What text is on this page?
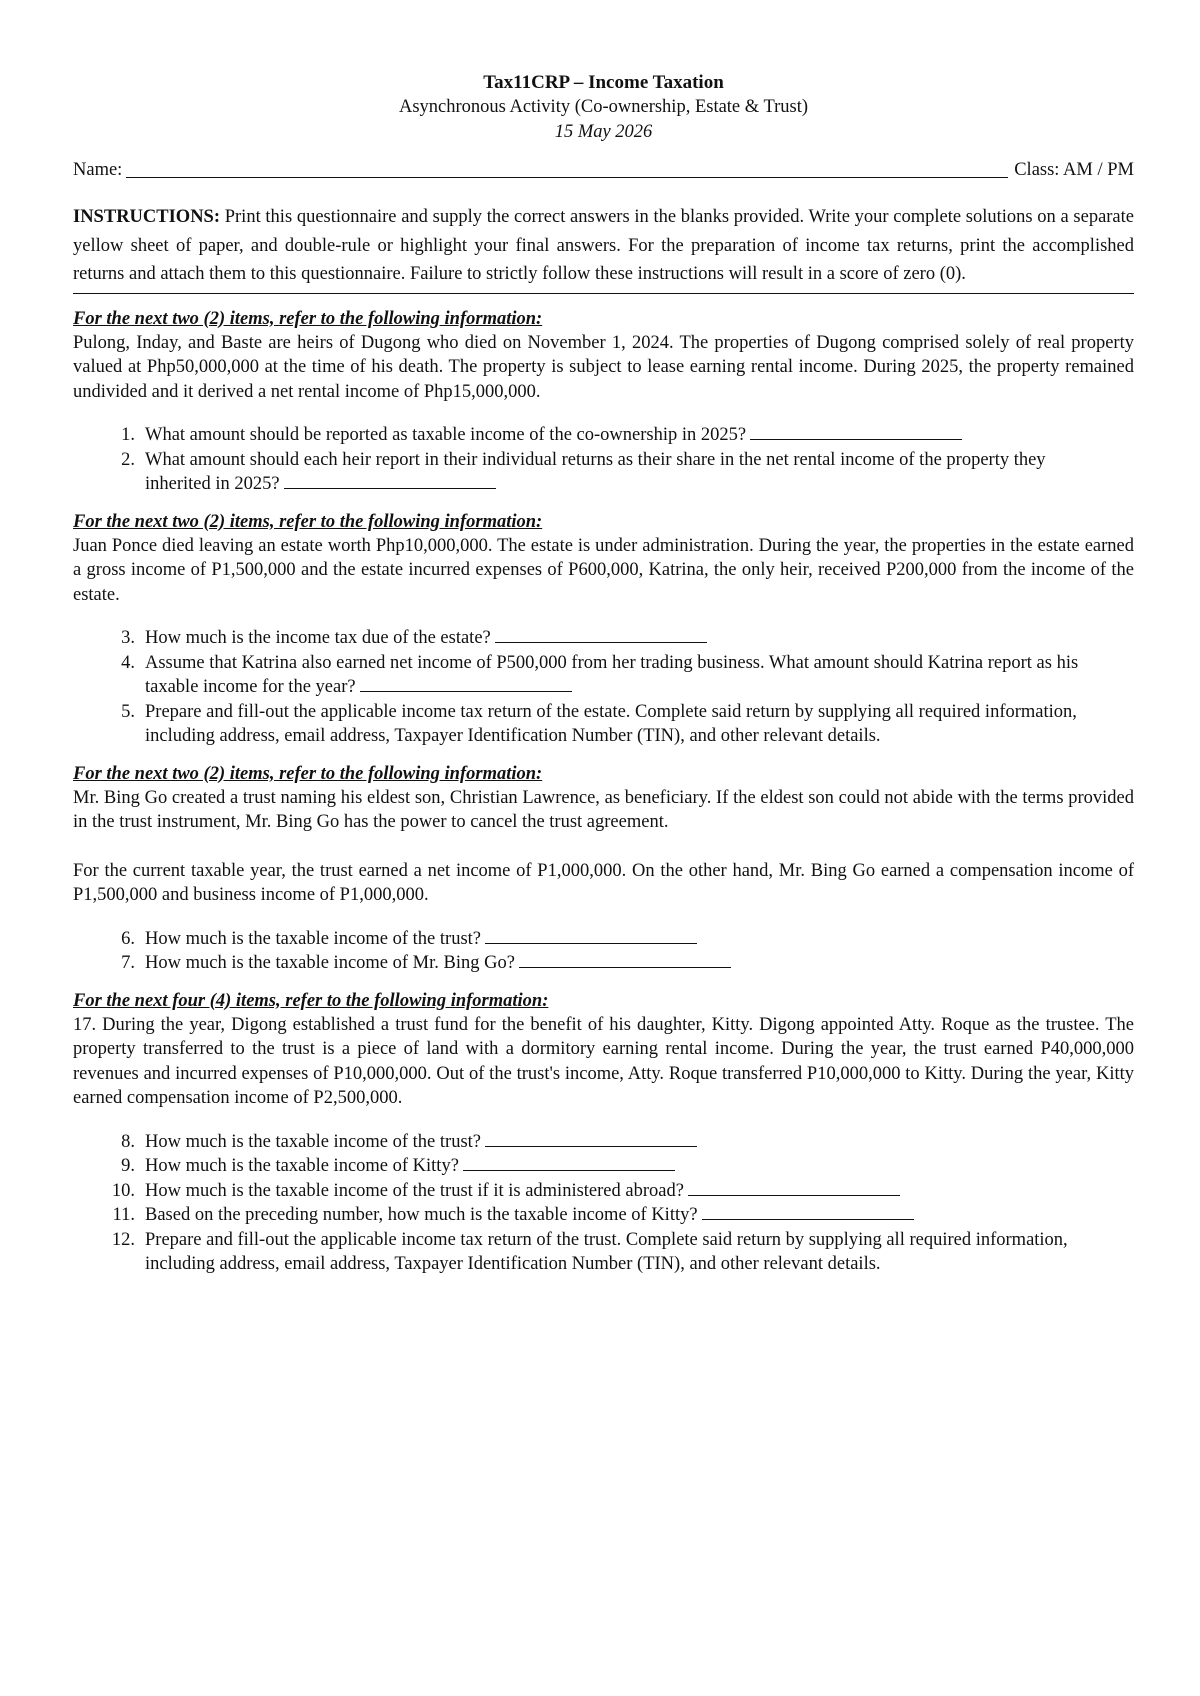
Tax11CRP – Income Taxation
Asynchronous Activity (Co-ownership, Estate & Trust)
15 May 2026
Name:	Class: AM / PM
INSTRUCTIONS: Print this questionnaire and supply the correct answers in the blanks provided. Write your complete solutions on a separate yellow sheet of paper, and double-rule or highlight your final answers. For the preparation of income tax returns, print the accomplished returns and attach them to this questionnaire. Failure to strictly follow these instructions will result in a score of zero (0).
For the next two (2) items, refer to the following information:
Pulong, Inday, and Baste are heirs of Dugong who died on November 1, 2024. The properties of Dugong comprised solely of real property valued at Php50,000,000 at the time of his death. The property is subject to lease earning rental income. During 2025, the property remained undivided and it derived a net rental income of Php15,000,000.
1. What amount should be reported as taxable income of the co-ownership in 2025?
2. What amount should each heir report in their individual returns as their share in the net rental income of the property they inherited in 2025?
For the next two (2) items, refer to the following information:
Juan Ponce died leaving an estate worth Php10,000,000. The estate is under administration. During the year, the properties in the estate earned a gross income of P1,500,000 and the estate incurred expenses of P600,000, Katrina, the only heir, received P200,000 from the income of the estate.
3. How much is the income tax due of the estate?
4. Assume that Katrina also earned net income of P500,000 from her trading business. What amount should Katrina report as his taxable income for the year?
5. Prepare and fill-out the applicable income tax return of the estate. Complete said return by supplying all required information, including address, email address, Taxpayer Identification Number (TIN), and other relevant details.
For the next two (2) items, refer to the following information:
Mr. Bing Go created a trust naming his eldest son, Christian Lawrence, as beneficiary. If the eldest son could not abide with the terms provided in the trust instrument, Mr. Bing Go has the power to cancel the trust agreement.
For the current taxable year, the trust earned a net income of P1,000,000. On the other hand, Mr. Bing Go earned a compensation income of P1,500,000 and business income of P1,000,000.
6. How much is the taxable income of the trust?
7. How much is the taxable income of Mr. Bing Go?
For the next four (4) items, refer to the following information:
17. During the year, Digong established a trust fund for the benefit of his daughter, Kitty. Digong appointed Atty. Roque as the trustee. The property transferred to the trust is a piece of land with a dormitory earning rental income. During the year, the trust earned P40,000,000 revenues and incurred expenses of P10,000,000. Out of the trust's income, Atty. Roque transferred P10,000,000 to Kitty. During the year, Kitty earned compensation income of P2,500,000.
8. How much is the taxable income of the trust?
9. How much is the taxable income of Kitty?
10. How much is the taxable income of the trust if it is administered abroad?
11. Based on the preceding number, how much is the taxable income of Kitty?
12. Prepare and fill-out the applicable income tax return of the trust. Complete said return by supplying all required information, including address, email address, Taxpayer Identification Number (TIN), and other relevant details.
